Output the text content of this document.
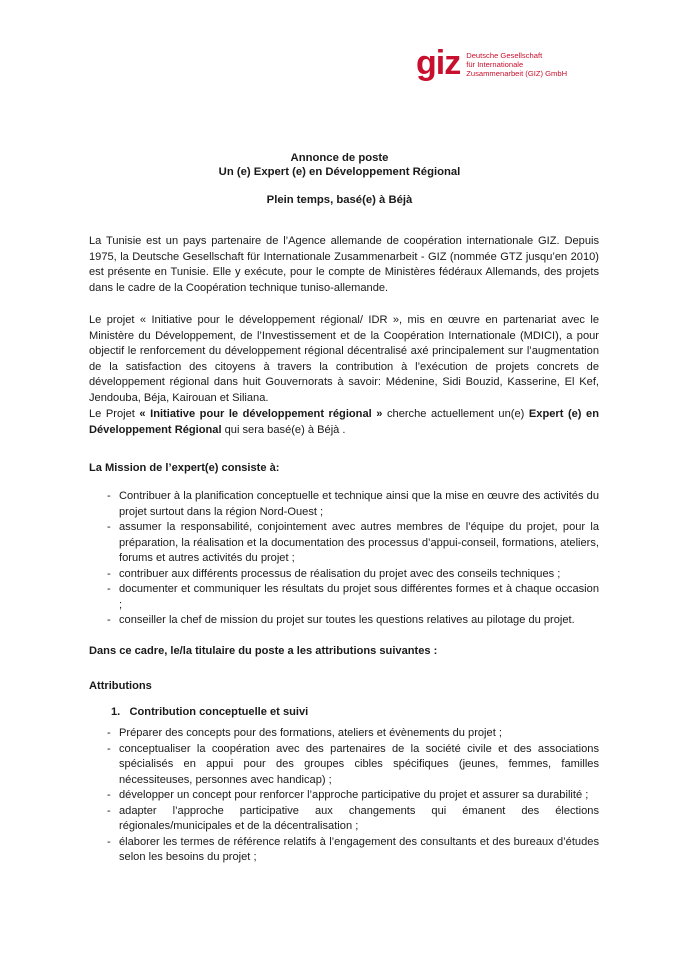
giz Deutsche Gesellschaft
für Internationale
Zusammenarbeit (GIZ) GmbH
Annonce de poste
Un (e) Expert (e) en Développement Régional
Plein temps, basé(e) à Béjà
La Tunisie est un pays partenaire de l’Agence allemande de coopération internationale GIZ. Depuis 1975, la Deutsche Gesellschaft für Internationale Zusammenarbeit - GIZ (nommée GTZ jusqu’en 2010) est présente en Tunisie. Elle y exécute, pour le compte de Ministères fédéraux Allemands, des projets dans le cadre de la Coopération technique tuniso-allemande.
Le projet « Initiative pour le développement régional/ IDR », mis en œuvre en partenariat avec le Ministère du Développement, de l’Investissement et de la Coopération Internationale (MDICI), a pour objectif le renforcement du développement régional décentralisé axé principalement sur l’augmentation de la satisfaction des citoyens à travers la contribution à l’exécution de projets concrets de développement régional dans huit Gouvernorats à savoir: Médenine, Sidi Bouzid, Kasserine, El Kef, Jendouba, Béja, Kairouan et Siliana.
Le Projet « Initiative pour le développement régional » cherche actuellement un(e) Expert (e) en Développement Régional qui sera basé(e) à Béjà .
La Mission de l’expert(e) consiste à:
- Contribuer à la planification conceptuelle et technique ainsi que la mise en œuvre des activités du projet surtout dans la région Nord-Ouest ;
- assumer la responsabilité, conjointement avec autres membres de l’équipe du projet, pour la préparation, la réalisation et la documentation des processus d’appui-conseil, formations, ateliers, forums et autres activités du projet ;
- contribuer aux différents processus de réalisation du projet avec des conseils techniques ;
- documenter et communiquer les résultats du projet sous différentes formes et à chaque occasion ;
- conseiller la chef de mission du projet sur toutes les questions relatives au pilotage du projet.
Dans ce cadre, le/la titulaire du poste a les attributions suivantes :
Attributions
1.   Contribution conceptuelle et suivi
- Préparer des concepts pour des formations, ateliers et évènements du projet ;
- conceptualiser la coopération avec des partenaires de la société civile et des associations spécialisés en appui pour des groupes cibles spécifiques (jeunes, femmes, familles nécessiteuses, personnes avec handicap) ;
- développer un concept pour renforcer l’approche participative du projet et assurer sa durabilité ;
- adapter l’approche participative aux changements qui émanent des élections régionales/municipales et de la décentralisation ;
- élaborer les termes de référence relatifs à l’engagement des consultants et des bureaux d’études selon les besoins du projet ;
